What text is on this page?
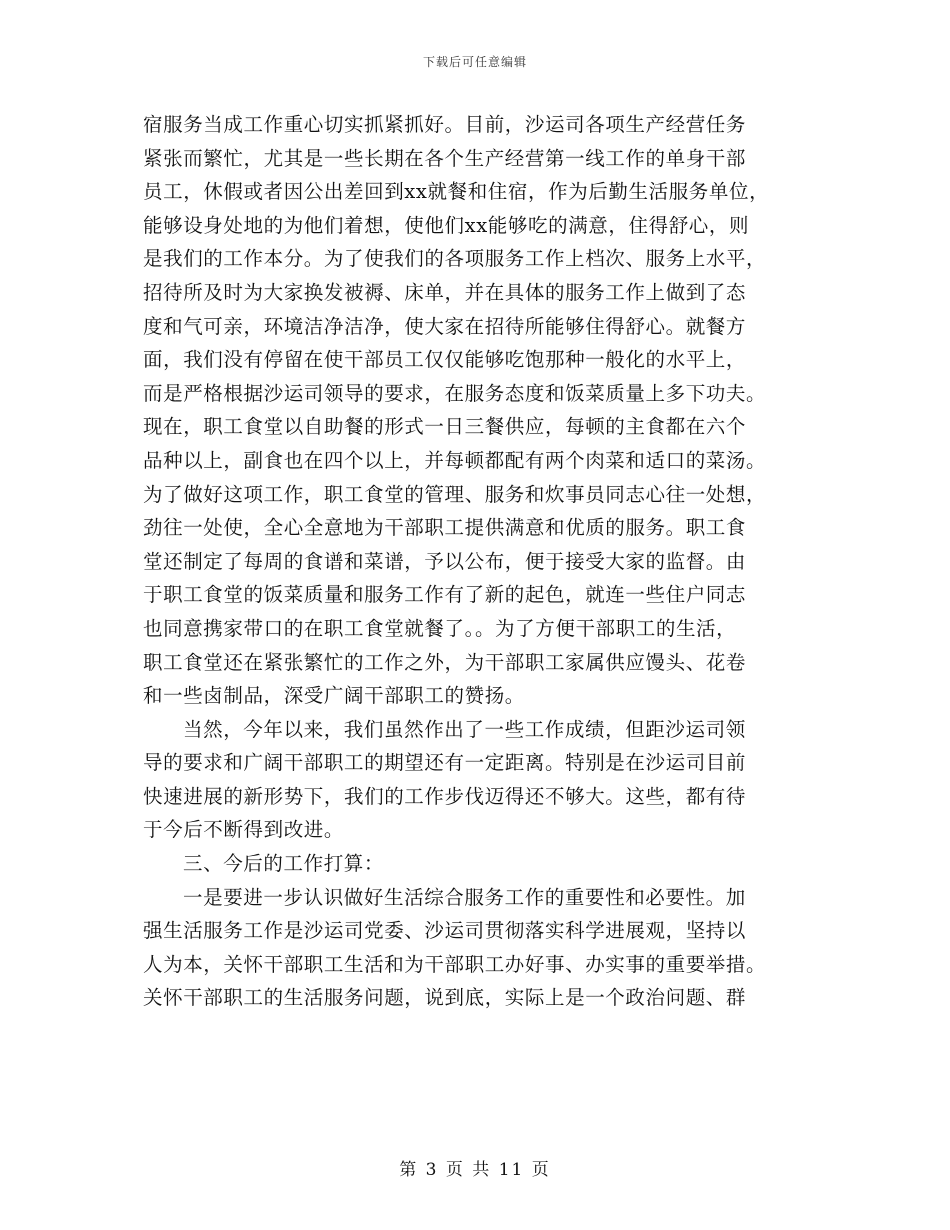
下载后可任意编辑
宿服务当成工作重心切实抓紧抓好。目前，沙运司各项生产经营任务
紧张而繁忙，尤其是一些长期在各个生产经营第一线工作的单身干部
员工，休假或者因公出差回到xx就餐和住宿，作为后勤生活服务单位，
能够设身处地的为他们着想，使他们xx能够吃的满意，住得舒心，则
是我们的工作本分。为了使我们的各项服务工作上档次、服务上水平，
招待所及时为大家换发被褥、床单，并在具体的服务工作上做到了态
度和气可亲，环境洁净洁净，使大家在招待所能够住得舒心。就餐方
面，我们没有停留在使干部员工仅仅能够吃饱那种一般化的水平上，
而是严格根据沙运司领导的要求，在服务态度和饭菜质量上多下功夫。
现在，职工食堂以自助餐的形式一日三餐供应，每顿的主食都在六个
品种以上，副食也在四个以上，并每顿都配有两个肉菜和适口的菜汤。
为了做好这项工作，职工食堂的管理、服务和炊事员同志心往一处想，
劲往一处使，全心全意地为干部职工提供满意和优质的服务。职工食
堂还制定了每周的食谱和菜谱，予以公布，便于接受大家的监督。由
于职工食堂的饭菜质量和服务工作有了新的起色，就连一些住户同志
也同意携家带口的在职工食堂就餐了。。为了方便干部职工的生活，
职工食堂还在紧张繁忙的工作之外，为干部职工家属供应馒头、花卷
和一些卤制品，深受广阔干部职工的赞扬。
当然，今年以来，我们虽然作出了一些工作成绩，但距沙运司领
导的要求和广阔干部职工的期望还有一定距离。特别是在沙运司目前
快速进展的新形势下，我们的工作步伐迈得还不够大。这些，都有待
于今后不断得到改进。
三、今后的工作打算：
一是要进一步认识做好生活综合服务工作的重要性和必要性。加
强生活服务工作是沙运司党委、沙运司贯彻落实科学进展观，坚持以
人为本，关怀干部职工生活和为干部职工办好事、办实事的重要举措。
关怀干部职工的生活服务问题，说到底，实际上是一个政治问题、群
第 3 页 共 11 页
